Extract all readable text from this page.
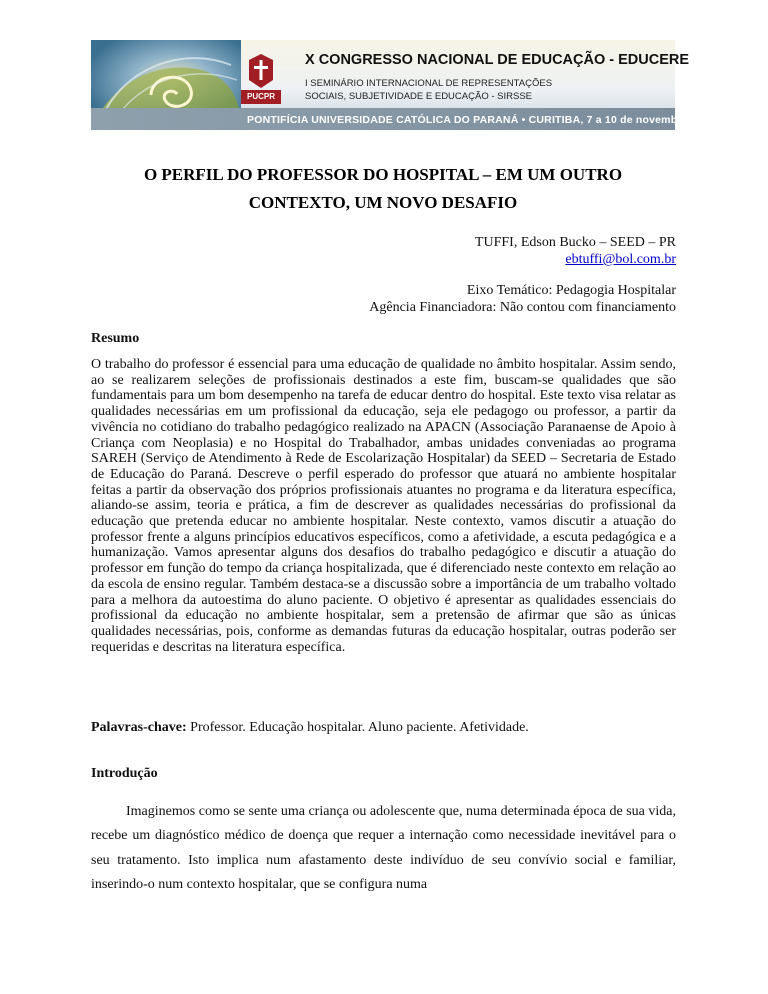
PUCPR
X CONGRESSO NACIONAL DE EDUCAÇÃO - EDUCERE
I SEMINÁRIO INTERNACIONAL DE REPRESENTAÇÕES
SOCIAIS, SUBJETIVIDADE E EDUCAÇÃO - SIRSSE
PONTIFÍCIA UNIVERSIDADE CATÓLICA DO PARANÁ • CURITIBA, 7 a 10 de novembro de 2011
O PERFIL DO PROFESSOR DO HOSPITAL – EM UM OUTRO
CONTEXTO, UM NOVO DESAFIO
TUFFI, Edson Bucko – SEED – PR
ebtuffi@bol.com.br
Eixo Temático: Pedagogia Hospitalar
Agência Financiadora: Não contou com financiamento
Resumo

O trabalho do professor é essencial para uma educação de qualidade no âmbito hospitalar. Assim sendo, ao se realizarem seleções de profissionais destinados a este fim, buscam-se qualidades que são fundamentais para um bom desempenho na tarefa de educar dentro do hospital. Este texto visa relatar as qualidades necessárias em um profissional da educação, seja ele pedagogo ou professor, a partir da vivência no cotidiano do trabalho pedagógico realizado na APACN (Associação Paranaense de Apoio à Criança com Neoplasia) e no Hospital do Trabalhador, ambas unidades conveniadas ao programa SAREH (Serviço de Atendimento à Rede de Escolarização Hospitalar) da SEED – Secretaria de Estado de Educação do Paraná. Descreve o perfil esperado do professor que atuará no ambiente hospitalar feitas a partir da observação dos próprios profissionais atuantes no programa e da literatura específica, aliando-se assim, teoria e prática, a fim de descrever as qualidades necessárias do profissional da educação que pretenda educar no ambiente hospitalar. Neste contexto, vamos discutir a atuação do professor frente a alguns princípios educativos específicos, como a afetividade, a escuta pedagógica e a humanização. Vamos apresentar alguns dos desafios do trabalho pedagógico e discutir a atuação do professor em função do tempo da criança hospitalizada, que é diferenciado neste contexto em relação ao da escola de ensino regular. Também destaca-se a discussão sobre a importância de um trabalho voltado para a melhora da autoestima do aluno paciente. O objetivo é apresentar as qualidades essenciais do profissional da educação no ambiente hospitalar, sem a pretensão de afirmar que são as únicas qualidades necessárias, pois, conforme as demandas futuras da educação hospitalar, outras poderão ser requeridas e descritas na literatura específica.

Palavras-chave: Professor. Educação hospitalar. Aluno paciente. Afetividade.
Introdução

Imaginemos como se sente uma criança ou adolescente que, numa determinada época de sua vida, recebe um diagnóstico médico de doença que requer a internação como necessidade inevitável para o seu tratamento. Isto implica num afastamento deste indivíduo de seu convívio social e familiar, inserindo-o num contexto hospitalar, que se configura numa
